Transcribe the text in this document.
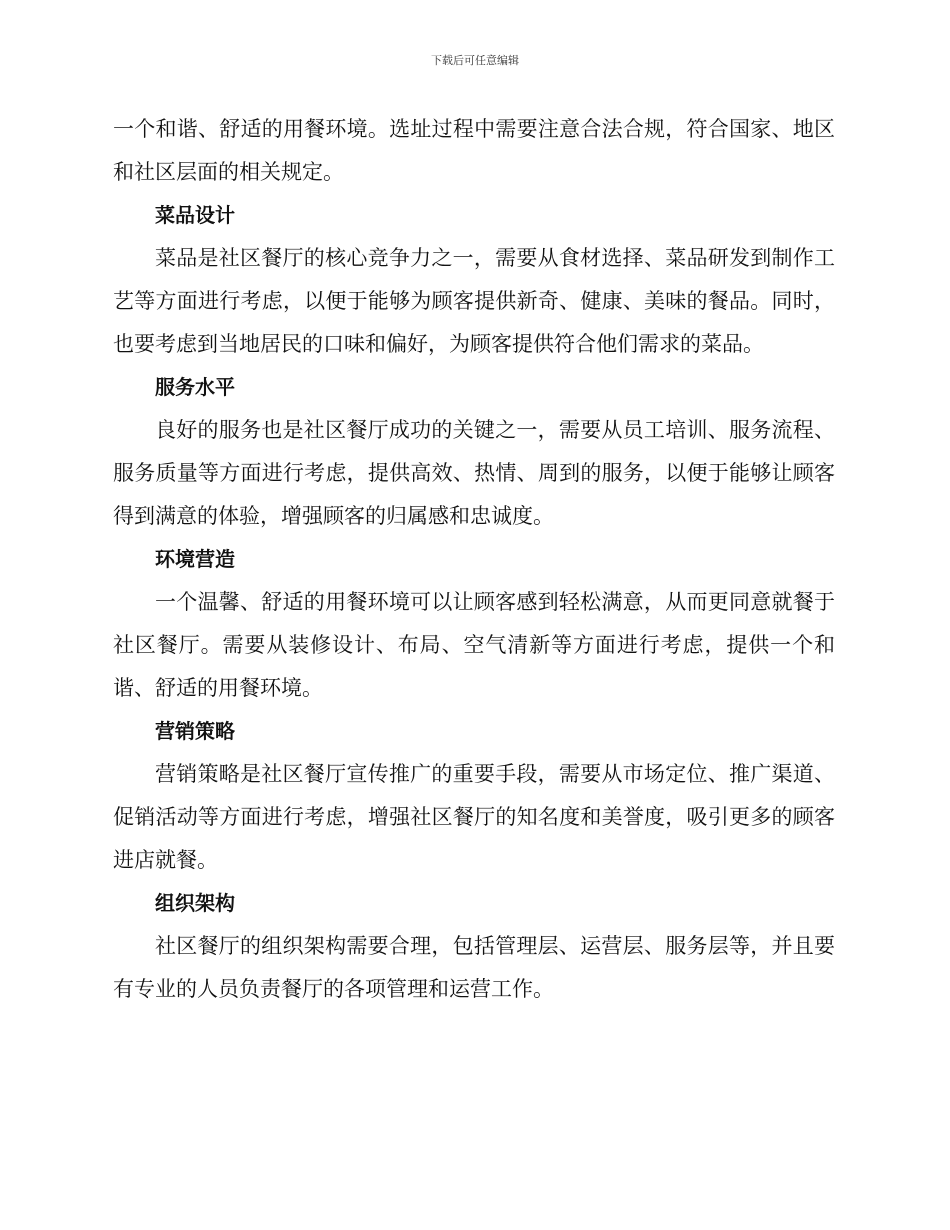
下载后可任意编辑

一个和谐、舒适的用餐环境。选址过程中需要注意合法合规，符合国家、地区和社区层面的相关规定。

菜品设计

菜品是社区餐厅的核心竞争力之一，需要从食材选择、菜品研发到制作工艺等方面进行考虑，以便于能够为顾客提供新奇、健康、美味的餐品。同时，也要考虑到当地居民的口味和偏好，为顾客提供符合他们需求的菜品。

服务水平

良好的服务也是社区餐厅成功的关键之一，需要从员工培训、服务流程、服务质量等方面进行考虑，提供高效、热情、周到的服务，以便于能够让顾客得到满意的体验，增强顾客的归属感和忠诚度。

环境营造

一个温馨、舒适的用餐环境可以让顾客感到轻松满意，从而更同意就餐于社区餐厅。需要从装修设计、布局、空气清新等方面进行考虑，提供一个和谐、舒适的用餐环境。

营销策略

营销策略是社区餐厅宣传推广的重要手段，需要从市场定位、推广渠道、促销活动等方面进行考虑，增强社区餐厅的知名度和美誉度，吸引更多的顾客进店就餐。

组织架构

社区餐厅的组织架构需要合理，包括管理层、运营层、服务层等，并且要有专业的人员负责餐厅的各项管理和运营工作。
